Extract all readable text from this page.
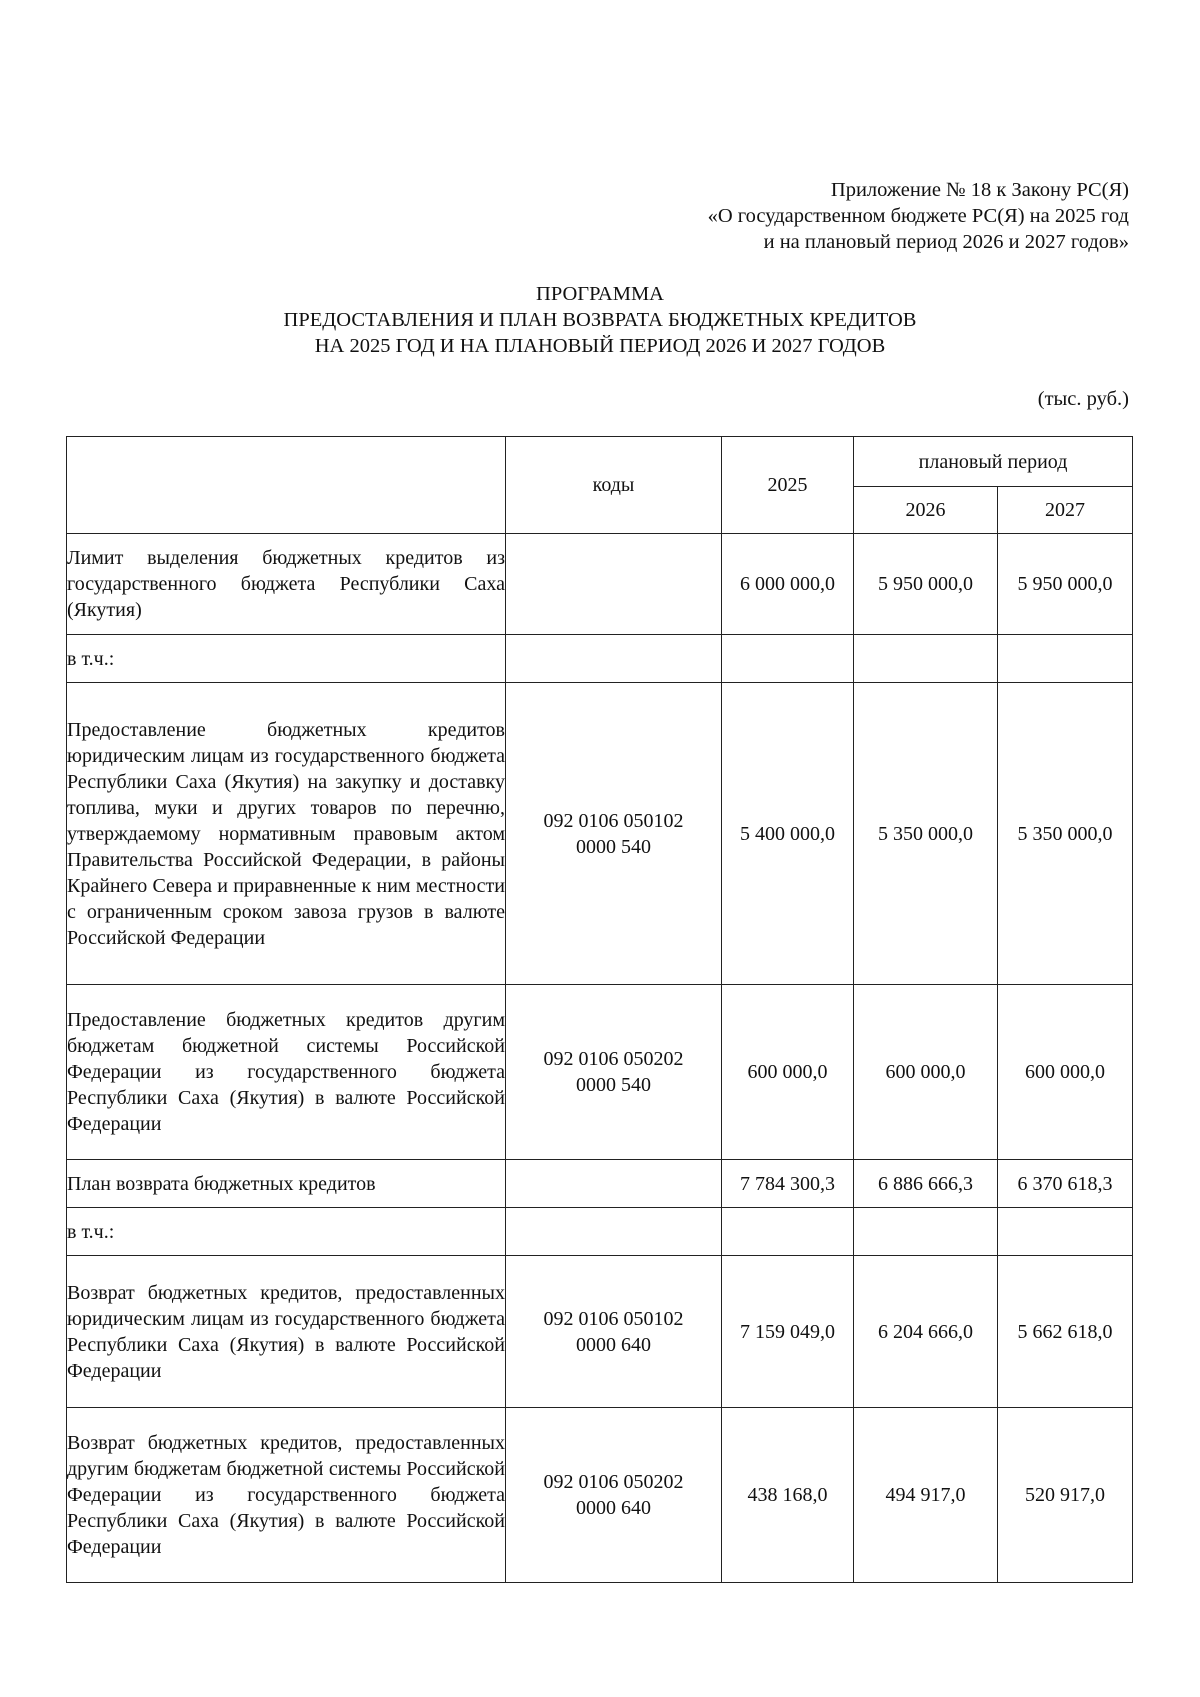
Приложение № 18 к Закону РС(Я)
«О государственном бюджете РС(Я) на 2025 год
и на плановый период 2026 и 2027 годов»
ПРОГРАММА
ПРЕДОСТАВЛЕНИЯ И ПЛАН ВОЗВРАТА БЮДЖЕТНЫХ КРЕДИТОВ
НА 2025 ГОД И НА ПЛАНОВЫЙ ПЕРИОД 2026 И 2027 ГОДОВ
(тыс. руб.)
	коды	2025	плановый период	
			2026	2027
Лимит выделения бюджетных кредитов из государственного бюджета Республики Саха (Якутия)		6 000 000,0	5 950 000,0	5 950 000,0
в т.ч.:	

Предоставление бюджетных кредитов юридическим лицам из государственного бюджета Республики Саха (Якутия) на закупку и доставку топлива, муки и других товаров по перечню, утверждаемому нормативным правовым актом Правительства Российской Федерации, в районы Крайнего Севера и приравненные к ним местности с ограниченным сроком завоза грузов в валюте Российской Федерации	092 0106 050102
0000 540	5 400 000,0	5 350 000,0	5 350 000,0
Предоставление бюджетных кредитов другим бюджетам бюджетной системы Российской Федерации из государственного бюджета Республики Саха (Якутия) в валюте Российской Федерации	092 0106 050202
0000 540	600 000,0	600 000,0	600 000,0
План возврата бюджетных кредитов		7 784 300,3	6 886 666,3	6 370 618,3
в т.ч.:	

Возврат бюджетных кредитов, предоставленных юридическим лицам из государственного бюджета Республики Саха (Якутия) в валюте Российской Федерации	092 0106 050102
0000 640	7 159 049,0	6 204 666,0	5 662 618,0
Возврат бюджетных кредитов, предоставленных другим бюджетам бюджетной системы Российской Федерации из государственного бюджета Республики Саха (Якутия) в валюте Российской Федерации	092 0106 050202
0000 640	438 168,0	494 917,0	520 917,0
